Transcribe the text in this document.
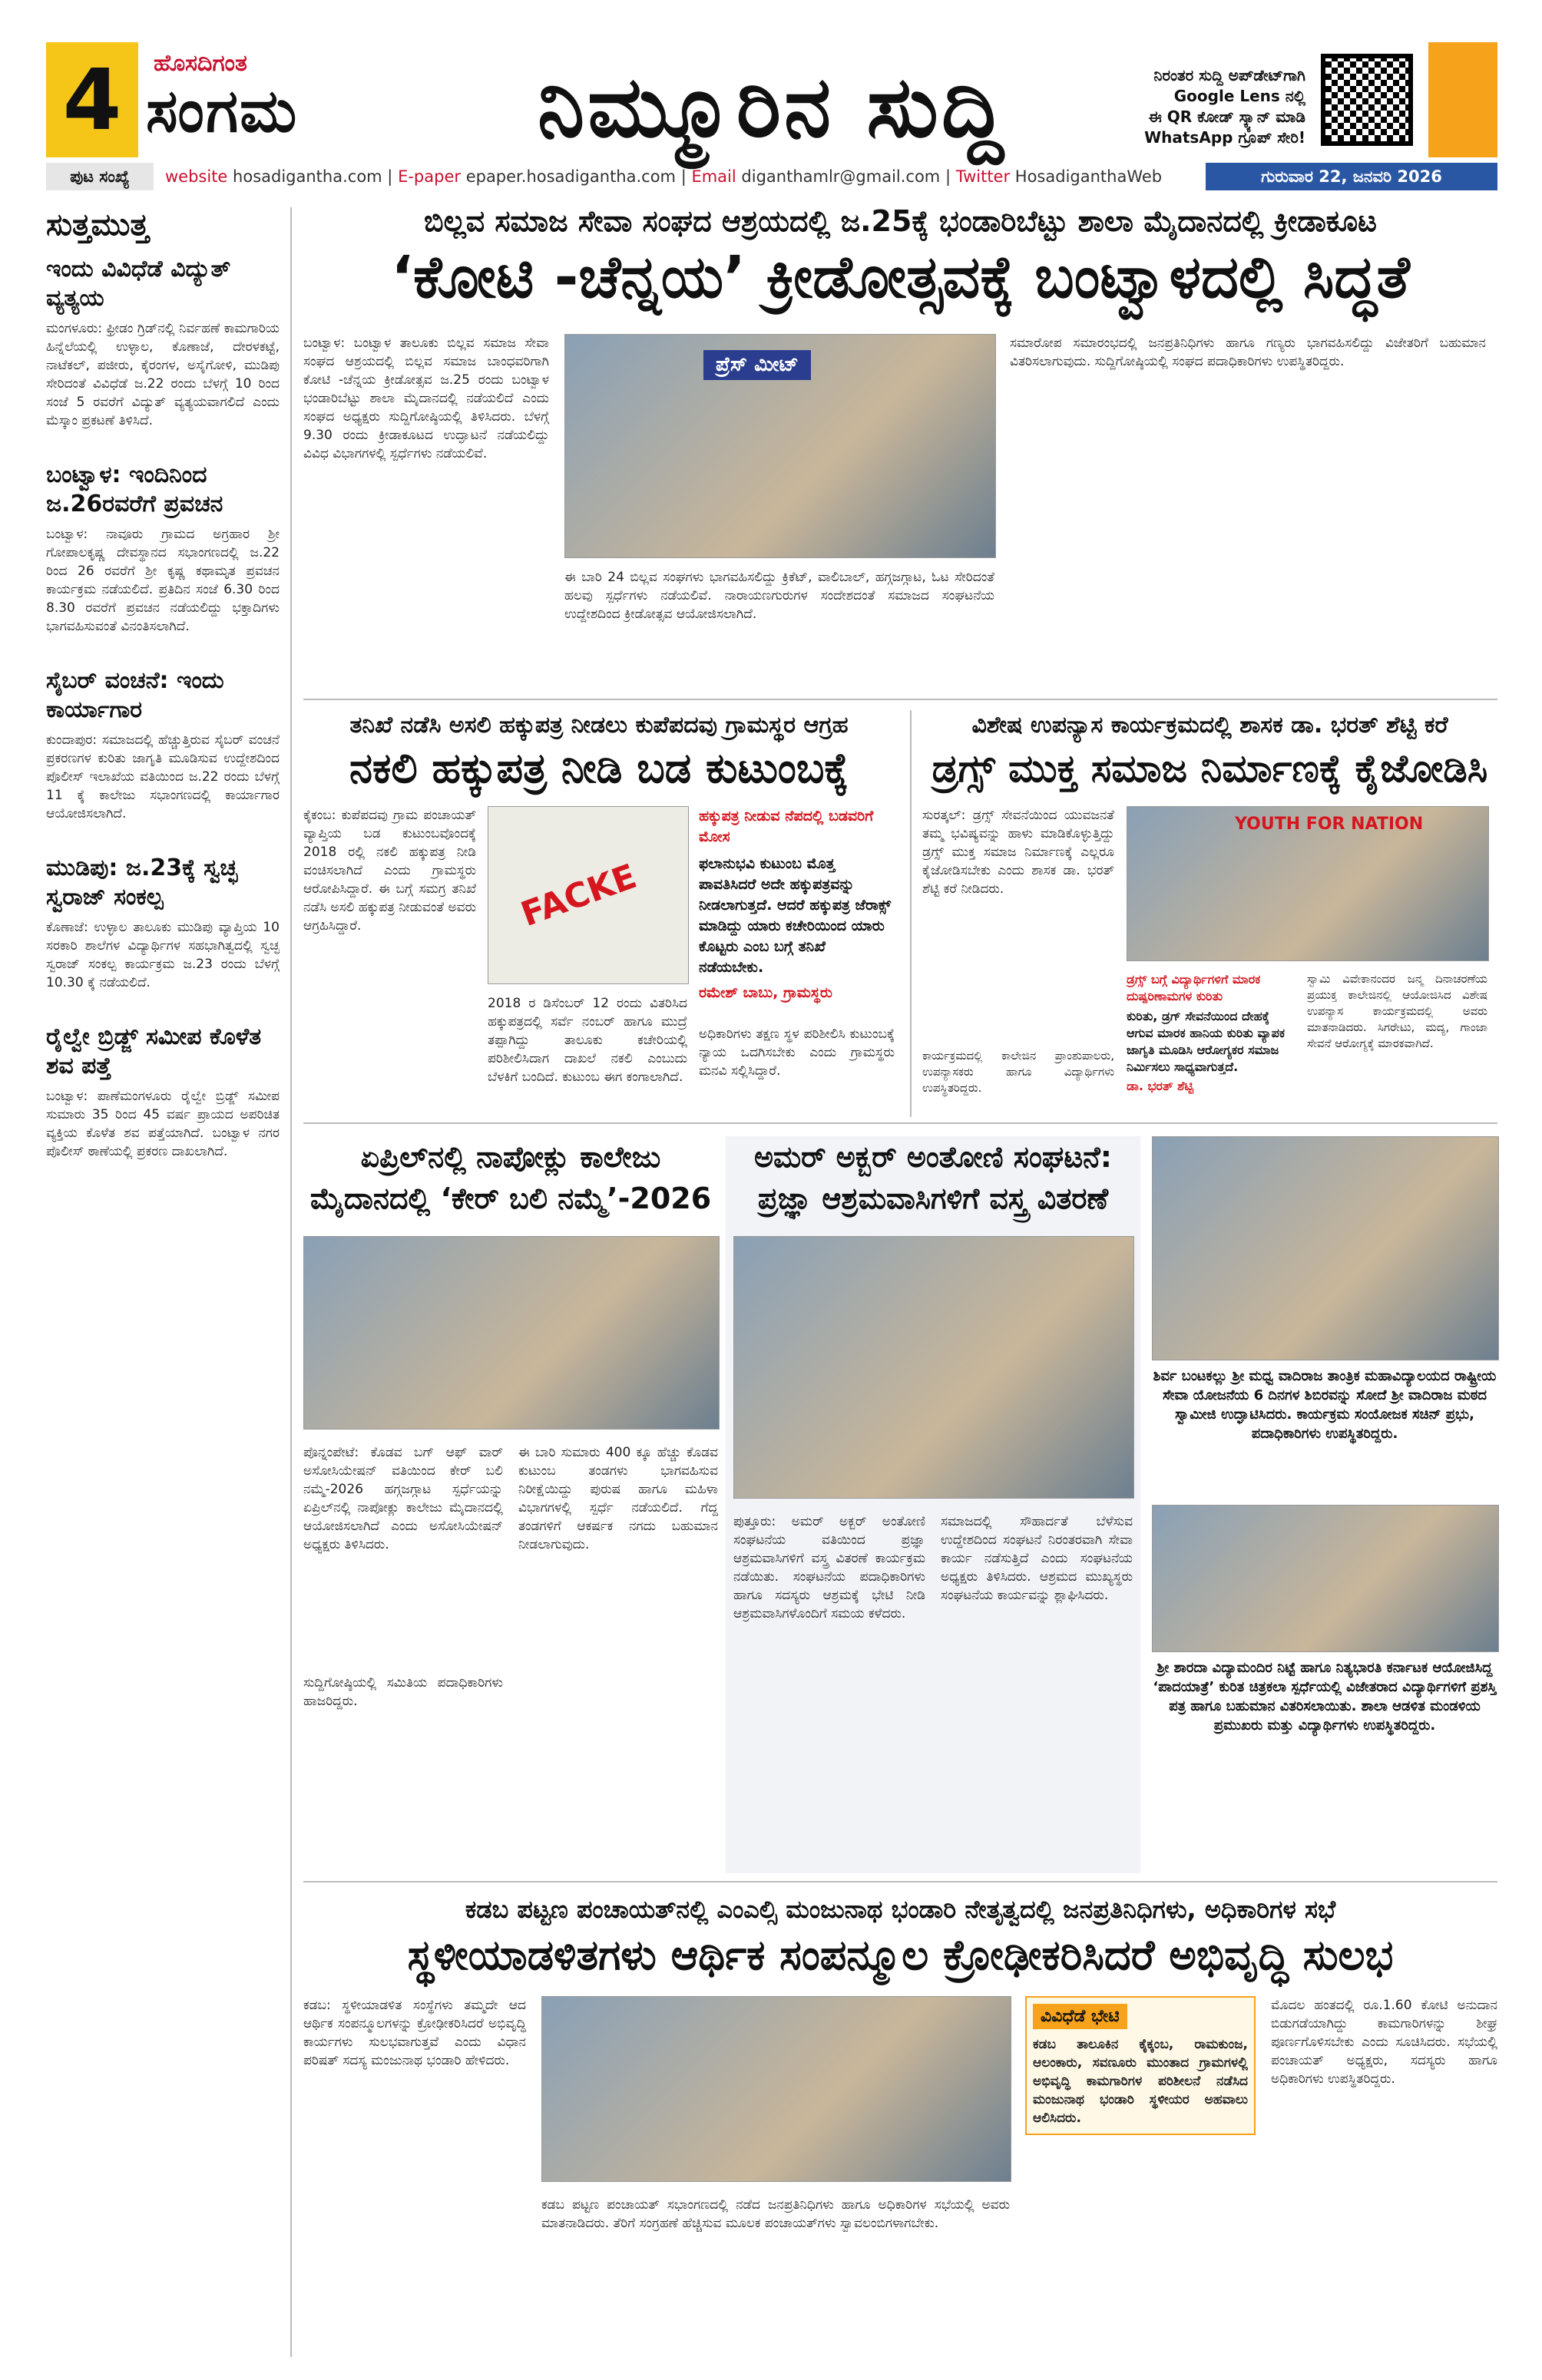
4	ಹೊಸದಿಗಂತ
ಸಂಗಮ	ನಿಮ್ಮೂರಿನ ಸುದ್ದಿ	ನಿರಂತರ ಸುದ್ದಿ ಅಪ್‌ಡೇಟ್‌ಗಾಗಿ
Google Lens ನಲ್ಲಿ
ಈ QR ಕೋಡ್ ಸ್ಕ್ಯಾನ್ ಮಾಡಿ
WhatsApp ಗ್ರೂಪ್ ಸೇರಿ!
ಪುಟ ಸಂಖ್ಯೆ	website hosadigantha.com | E-paper epaper.hosadigantha.com | Email diganthamlr@gmail.com | Twitter HosadiganthaWeb	ಗುರುವಾರ 22, ಜನವರಿ 2026
ಸುತ್ತಮುತ್ತ
ಇಂದು ವಿವಿಧೆಡೆ ವಿದ್ಯುತ್ ವ್ಯತ್ಯಯ
ಮಂಗಳೂರು: ಫ್ರೀಡಂ ಗ್ರಿಡ್‌ನಲ್ಲಿ ನಿರ್ವಹಣೆ ಕಾಮಗಾರಿಯ ಹಿನ್ನೆಲೆಯಲ್ಲಿ ಉಳ್ಳಾಲ, ಕೊಣಾಜೆ, ದೇರಳಕಟ್ಟೆ, ನಾಟೆಕಲ್, ಪಜೀರು, ಕೈರಂಗಳ, ಅಸೈಗೋಳಿ, ಮುಡಿಪು ಸೇರಿದಂತೆ ವಿವಿಧೆಡೆ ಜ.22 ರಂದು ಬೆಳಗ್ಗೆ 10 ರಿಂದ ಸಂಜೆ 5 ರವರೆಗೆ ವಿದ್ಯುತ್ ವ್ಯತ್ಯಯವಾಗಲಿದೆ ಎಂದು ಮೆಸ್ಕಾಂ ಪ್ರಕಟಣೆ ತಿಳಿಸಿದೆ.
ಬಂಟ್ವಾಳ: ಇಂದಿನಿಂದ ಜ.26ರವರೆಗೆ ಪ್ರವಚನ
ಬಂಟ್ವಾಳ: ನಾವೂರು ಗ್ರಾಮದ ಅಗ್ರಹಾರ ಶ್ರೀ ಗೋಪಾಲಕೃಷ್ಣ ದೇವಸ್ಥಾನದ ಸಭಾಂಗಣದಲ್ಲಿ ಜ.22 ರಿಂದ 26 ರವರೆಗೆ ಶ್ರೀ ಕೃಷ್ಣ ಕಥಾಮೃತ ಪ್ರವಚನ ಕಾರ್ಯಕ್ರಮ ನಡೆಯಲಿದೆ. ಪ್ರತಿದಿನ ಸಂಜೆ 6.30 ರಿಂದ 8.30 ರವರೆಗೆ ಪ್ರವಚನ ನಡೆಯಲಿದ್ದು ಭಕ್ತಾದಿಗಳು ಭಾಗವಹಿಸುವಂತೆ ವಿನಂತಿಸಲಾಗಿದೆ.
ಸೈಬರ್ ವಂಚನೆ: ಇಂದು ಕಾರ್ಯಾಗಾರ
ಕುಂದಾಪುರ: ಸಮಾಜದಲ್ಲಿ ಹೆಚ್ಚುತ್ತಿರುವ ಸೈಬರ್ ವಂಚನೆ ಪ್ರಕರಣಗಳ ಕುರಿತು ಜಾಗೃತಿ ಮೂಡಿಸುವ ಉದ್ದೇಶದಿಂದ ಪೊಲೀಸ್ ಇಲಾಖೆಯ ವತಿಯಿಂದ ಜ.22 ರಂದು ಬೆಳಗ್ಗೆ 11 ಕ್ಕೆ ಕಾಲೇಜು ಸಭಾಂಗಣದಲ್ಲಿ ಕಾರ್ಯಾಗಾರ ಆಯೋಜಿಸಲಾಗಿದೆ.
ಮುಡಿಪು: ಜ.23ಕ್ಕೆ ಸ್ವಚ್ಛ ಸ್ವರಾಜ್ ಸಂಕಲ್ಪ
ಕೊಣಾಜೆ: ಉಳ್ಳಾಲ ತಾಲೂಕು ಮುಡಿಪು ವ್ಯಾಪ್ತಿಯ 10 ಸರಕಾರಿ ಶಾಲೆಗಳ ವಿದ್ಯಾರ್ಥಿಗಳ ಸಹಭಾಗಿತ್ವದಲ್ಲಿ ಸ್ವಚ್ಛ ಸ್ವರಾಜ್ ಸಂಕಲ್ಪ ಕಾರ್ಯಕ್ರಮ ಜ.23 ರಂದು ಬೆಳಗ್ಗೆ 10.30 ಕ್ಕೆ ನಡೆಯಲಿದೆ.
ರೈಲ್ವೇ ಬ್ರಿಡ್ಜ್ ಸಮೀಪ ಕೊಳೆತ ಶವ ಪತ್ತೆ
ಬಂಟ್ವಾಳ: ಪಾಣೆಮಂಗಳೂರು ರೈಲ್ವೇ ಬ್ರಿಡ್ಜ್ ಸಮೀಪ ಸುಮಾರು 35 ರಿಂದ 45 ವರ್ಷ ಪ್ರಾಯದ ಅಪರಿಚಿತ ವ್ಯಕ್ತಿಯ ಕೊಳೆತ ಶವ ಪತ್ತೆಯಾಗಿದೆ. ಬಂಟ್ವಾಳ ನಗರ ಪೊಲೀಸ್ ಠಾಣೆಯಲ್ಲಿ ಪ್ರಕರಣ ದಾಖಲಾಗಿದೆ.
ಬಿಲ್ಲವ ಸಮಾಜ ಸೇವಾ ಸಂಘದ ಆಶ್ರಯದಲ್ಲಿ ಜ.25ಕ್ಕೆ ಭಂಡಾರಿಬೆಟ್ಟು ಶಾಲಾ ಮೈದಾನದಲ್ಲಿ ಕ್ರೀಡಾಕೂಟ
‘ಕೋಟಿ -ಚೆನ್ನಯ’ ಕ್ರೀಡೋತ್ಸವಕ್ಕೆ ಬಂಟ್ವಾಳದಲ್ಲಿ ಸಿದ್ಧತೆ
ಬಂಟ್ವಾಳ: ಬಂಟ್ವಾಳ ತಾಲೂಕು ಬಿಲ್ಲವ ಸಮಾಜ ಸೇವಾ ಸಂಘದ ಆಶ್ರಯದಲ್ಲಿ ಬಿಲ್ಲವ ಸಮಾಜ ಬಾಂಧವರಿಗಾಗಿ ಕೋಟಿ -ಚೆನ್ನಯ ಕ್ರೀಡೋತ್ಸವ ಜ.25 ರಂದು ಬಂಟ್ವಾಳ ಭಂಡಾರಿಬೆಟ್ಟು ಶಾಲಾ ಮೈದಾನದಲ್ಲಿ ನಡೆಯಲಿದೆ ಎಂದು ಸಂಘದ ಅಧ್ಯಕ್ಷರು ಸುದ್ದಿಗೋಷ್ಠಿಯಲ್ಲಿ ತಿಳಿಸಿದರು. ಬೆಳಗ್ಗೆ 9.30 ರಂದು ಕ್ರೀಡಾಕೂಟದ ಉದ್ಘಾಟನೆ ನಡೆಯಲಿದ್ದು ವಿವಿಧ ವಿಭಾಗಗಳಲ್ಲಿ ಸ್ಪರ್ಧೆಗಳು ನಡೆಯಲಿವೆ.
ಪ್ರೆಸ್ ಮೀಟ್
ಈ ಬಾರಿ 24 ಬಿಲ್ಲವ ಸಂಘಗಳು ಭಾಗವಹಿಸಲಿದ್ದು ಕ್ರಿಕೆಟ್, ವಾಲಿಬಾಲ್, ಹಗ್ಗಜಗ್ಗಾಟ, ಓಟ ಸೇರಿದಂತೆ ಹಲವು ಸ್ಪರ್ಧೆಗಳು ನಡೆಯಲಿವೆ. ನಾರಾಯಣಗುರುಗಳ ಸಂದೇಶದಂತೆ ಸಮಾಜದ ಸಂಘಟನೆಯ ಉದ್ದೇಶದಿಂದ ಕ್ರೀಡೋತ್ಸವ ಆಯೋಜಿಸಲಾಗಿದೆ.
ಸಮಾರೋಪ ಸಮಾರಂಭದಲ್ಲಿ ಜನಪ್ರತಿನಿಧಿಗಳು ಹಾಗೂ ಗಣ್ಯರು ಭಾಗವಹಿಸಲಿದ್ದು ವಿಜೇತರಿಗೆ ಬಹುಮಾನ ವಿತರಿಸಲಾಗುವುದು. ಸುದ್ದಿಗೋಷ್ಠಿಯಲ್ಲಿ ಸಂಘದ ಪದಾಧಿಕಾರಿಗಳು ಉಪಸ್ಥಿತರಿದ್ದರು.
ತನಿಖೆ ನಡೆಸಿ ಅಸಲಿ ಹಕ್ಕುಪತ್ರ ನೀಡಲು ಕುಪೆಪದವು ಗ್ರಾಮಸ್ಥರ ಆಗ್ರಹ
ನಕಲಿ ಹಕ್ಕುಪತ್ರ ನೀಡಿ ಬಡ ಕುಟುಂಬಕ್ಕೆ
FACKE
ಹಕ್ಕುಪತ್ರ ನೀಡುವ ನೆಪದಲ್ಲಿ ಬಡವರಿಗೆ ಮೋಸ
ಫಲಾನುಭವಿ ಕುಟುಂಬ ಮೊತ್ತ ಪಾವತಿಸಿದರೆ ಅದೇ ಹಕ್ಕುಪತ್ರವನ್ನು ನೀಡಲಾಗುತ್ತದೆ. ಆದರೆ ಹಕ್ಕುಪತ್ರ ಜೆರಾಕ್ಸ್ ಮಾಡಿದ್ದು ಯಾರು ಕಚೇರಿಯಿಂದ ಯಾರು ಕೊಟ್ಟರು ಎಂಬ ಬಗ್ಗೆ ತನಿಖೆ ನಡೆಯಬೇಕು.
ರಮೇಶ್ ಬಾಬು, ಗ್ರಾಮಸ್ಥರು
ಕೈಕಂಬ: ಕುಪೆಪದವು ಗ್ರಾಮ ಪಂಚಾಯತ್ ವ್ಯಾಪ್ತಿಯ ಬಡ ಕುಟುಂಬವೊಂದಕ್ಕೆ 2018 ರಲ್ಲಿ ನಕಲಿ ಹಕ್ಕುಪತ್ರ ನೀಡಿ ವಂಚಿಸಲಾಗಿದೆ ಎಂದು ಗ್ರಾಮಸ್ಥರು ಆರೋಪಿಸಿದ್ದಾರೆ. ಈ ಬಗ್ಗೆ ಸಮಗ್ರ ತನಿಖೆ ನಡೆಸಿ ಅಸಲಿ ಹಕ್ಕುಪತ್ರ ನೀಡುವಂತೆ ಅವರು ಆಗ್ರಹಿಸಿದ್ದಾರೆ.
2018 ರ ಡಿಸೆಂಬರ್ 12 ರಂದು ವಿತರಿಸಿದ ಹಕ್ಕುಪತ್ರದಲ್ಲಿ ಸರ್ವೆ ನಂಬರ್ ಹಾಗೂ ಮುದ್ರೆ ತಪ್ಪಾಗಿದ್ದು ತಾಲೂಕು ಕಚೇರಿಯಲ್ಲಿ ಪರಿಶೀಲಿಸಿದಾಗ ದಾಖಲೆ ನಕಲಿ ಎಂಬುದು ಬೆಳಕಿಗೆ ಬಂದಿದೆ. ಕುಟುಂಬ ಈಗ ಕಂಗಾಲಾಗಿದೆ.
ಅಧಿಕಾರಿಗಳು ತಕ್ಷಣ ಸ್ಥಳ ಪರಿಶೀಲಿಸಿ ಕುಟುಂಬಕ್ಕೆ ನ್ಯಾಯ ಒದಗಿಸಬೇಕು ಎಂದು ಗ್ರಾಮಸ್ಥರು ಮನವಿ ಸಲ್ಲಿಸಿದ್ದಾರೆ.
ವಿಶೇಷ ಉಪನ್ಯಾಸ ಕಾರ್ಯಕ್ರಮದಲ್ಲಿ ಶಾಸಕ ಡಾ. ಭರತ್ ಶೆಟ್ಟಿ ಕರೆ
ಡ್ರಗ್ಸ್ ಮುಕ್ತ ಸಮಾಜ ನಿರ್ಮಾಣಕ್ಕೆ ಕೈಜೋಡಿಸಿ
ಸುರತ್ಕಲ್: ಡ್ರಗ್ಸ್ ಸೇವನೆಯಿಂದ ಯುವಜನತೆ ತಮ್ಮ ಭವಿಷ್ಯವನ್ನು ಹಾಳು ಮಾಡಿಕೊಳ್ಳುತ್ತಿದ್ದು ಡ್ರಗ್ಸ್ ಮುಕ್ತ ಸಮಾಜ ನಿರ್ಮಾಣಕ್ಕೆ ಎಲ್ಲರೂ ಕೈಜೋಡಿಸಬೇಕು ಎಂದು ಶಾಸಕ ಡಾ. ಭರತ್ ಶೆಟ್ಟಿ ಕರೆ ನೀಡಿದರು.
YOUTH FOR NATION
ಡ್ರಗ್ಸ್ ಬಗ್ಗೆ ವಿದ್ಯಾರ್ಥಿಗಳಿಗೆ ಮಾರಕ ದುಷ್ಪರಿಣಾಮಗಳ ಕುರಿತು
ಕುರಿತು, ಡ್ರಗ್ ಸೇವನೆಯಿಂದ ದೇಹಕ್ಕೆ ಆಗುವ ಮಾರಕ ಹಾನಿಯ ಕುರಿತು ವ್ಯಾಪಕ ಜಾಗೃತಿ ಮೂಡಿಸಿ ಆರೋಗ್ಯಕರ ಸಮಾಜ ನಿರ್ಮಿಸಲು ಸಾಧ್ಯವಾಗುತ್ತದೆ.
ಡಾ. ಭರತ್ ಶೆಟ್ಟಿ
ಸ್ವಾಮಿ ವಿವೇಕಾನಂದರ ಜನ್ಮ ದಿನಾಚರಣೆಯ ಪ್ರಯುಕ್ತ ಕಾಲೇಜಿನಲ್ಲಿ ಆಯೋಜಿಸಿದ ವಿಶೇಷ ಉಪನ್ಯಾಸ ಕಾರ್ಯಕ್ರಮದಲ್ಲಿ ಅವರು ಮಾತನಾಡಿದರು. ಸಿಗರೇಟು, ಮದ್ಯ, ಗಾಂಜಾ ಸೇವನೆ ಆರೋಗ್ಯಕ್ಕೆ ಮಾರಕವಾಗಿದೆ.
ಕಾರ್ಯಕ್ರಮದಲ್ಲಿ ಕಾಲೇಜಿನ ಪ್ರಾಂಶುಪಾಲರು, ಉಪನ್ಯಾಸಕರು ಹಾಗೂ ವಿದ್ಯಾರ್ಥಿಗಳು ಉಪಸ್ಥಿತರಿದ್ದರು.
ಏಪ್ರಿಲ್‌ನಲ್ಲಿ ನಾಪೋಕ್ಲು ಕಾಲೇಜು
ಮೈದಾನದಲ್ಲಿ ‘ಕೇರ್ ಬಲಿ ನಮ್ಮೆ’-2026
ಪೊನ್ನಂಪೇಟೆ: ಕೊಡವ ಬಗ್ ಆಫ್ ವಾರ್ ಅಸೋಸಿಯೇಷನ್ ವತಿಯಿಂದ ಕೇರ್ ಬಲಿ ನಮ್ಮೆ-2026 ಹಗ್ಗಜಗ್ಗಾಟ ಸ್ಪರ್ಧೆಯನ್ನು ಏಪ್ರಿಲ್‌ನಲ್ಲಿ ನಾಪೋಕ್ಲು ಕಾಲೇಜು ಮೈದಾನದಲ್ಲಿ ಆಯೋಜಿಸಲಾಗಿದೆ ಎಂದು ಅಸೋಸಿಯೇಷನ್ ಅಧ್ಯಕ್ಷರು ತಿಳಿಸಿದರು.
ಈ ಬಾರಿ ಸುಮಾರು 400 ಕ್ಕೂ ಹೆಚ್ಚು ಕೊಡವ ಕುಟುಂಬ ತಂಡಗಳು ಭಾಗವಹಿಸುವ ನಿರೀಕ್ಷೆಯಿದ್ದು ಪುರುಷ ಹಾಗೂ ಮಹಿಳಾ ವಿಭಾಗಗಳಲ್ಲಿ ಸ್ಪರ್ಧೆ ನಡೆಯಲಿದೆ. ಗೆದ್ದ ತಂಡಗಳಿಗೆ ಆಕರ್ಷಕ ನಗದು ಬಹುಮಾನ ನೀಡಲಾಗುವುದು.
ಸುದ್ದಿಗೋಷ್ಠಿಯಲ್ಲಿ ಸಮಿತಿಯ ಪದಾಧಿಕಾರಿಗಳು ಹಾಜರಿದ್ದರು.
ಅಮರ್ ಅಕ್ಬರ್ ಅಂತೋಣಿ ಸಂಘಟನೆ:
ಪ್ರಜ್ಞಾ ಆಶ್ರಮವಾಸಿಗಳಿಗೆ ವಸ್ತ್ರ ವಿತರಣೆ
ಪುತ್ತೂರು: ಅಮರ್ ಅಕ್ಬರ್ ಅಂತೋಣಿ ಸಂಘಟನೆಯ ವತಿಯಿಂದ ಪ್ರಜ್ಞಾ ಆಶ್ರಮವಾಸಿಗಳಿಗೆ ವಸ್ತ್ರ ವಿತರಣೆ ಕಾರ್ಯಕ್ರಮ ನಡೆಯಿತು. ಸಂಘಟನೆಯ ಪದಾಧಿಕಾರಿಗಳು ಹಾಗೂ ಸದಸ್ಯರು ಆಶ್ರಮಕ್ಕೆ ಭೇಟಿ ನೀಡಿ ಆಶ್ರಮವಾಸಿಗಳೊಂದಿಗೆ ಸಮಯ ಕಳೆದರು.
ಸಮಾಜದಲ್ಲಿ ಸೌಹಾರ್ದತೆ ಬೆಳೆಸುವ ಉದ್ದೇಶದಿಂದ ಸಂಘಟನೆ ನಿರಂತರವಾಗಿ ಸೇವಾ ಕಾರ್ಯ ನಡೆಸುತ್ತಿದೆ ಎಂದು ಸಂಘಟನೆಯ ಅಧ್ಯಕ್ಷರು ತಿಳಿಸಿದರು. ಆಶ್ರಮದ ಮುಖ್ಯಸ್ಥರು ಸಂಘಟನೆಯ ಕಾರ್ಯವನ್ನು ಶ್ಲಾಘಿಸಿದರು.
ಶಿರ್ವ ಬಂಟಕಲ್ಲು ಶ್ರೀ ಮಧ್ವ ವಾದಿರಾಜ ತಾಂತ್ರಿಕ ಮಹಾವಿದ್ಯಾಲಯದ ರಾಷ್ಟ್ರೀಯ ಸೇವಾ ಯೋಜನೆಯ 6 ದಿನಗಳ ಶಿಬಿರವನ್ನು ಸೋದೆ ಶ್ರೀ ವಾದಿರಾಜ ಮಠದ ಸ್ವಾಮೀಜಿ ಉದ್ಘಾಟಿಸಿದರು. ಕಾರ್ಯಕ್ರಮ ಸಂಯೋಜಕ ಸಚಿನ್ ಪ್ರಭು, ಪದಾಧಿಕಾರಿಗಳು ಉಪಸ್ಥಿತರಿದ್ದರು.
ಶ್ರೀ ಶಾರದಾ ವಿದ್ಯಾಮಂದಿರ ನಿಟ್ಟೆ ಹಾಗೂ ನಿತ್ಯಭಾರತಿ ಕರ್ನಾಟಕ ಆಯೋಜಿಸಿದ್ದ ‘ಪಾದಯಾತ್ರೆ’ ಕುರಿತ ಚಿತ್ರಕಲಾ ಸ್ಪರ್ಧೆಯಲ್ಲಿ ವಿಜೇತರಾದ ವಿದ್ಯಾರ್ಥಿಗಳಿಗೆ ಪ್ರಶಸ್ತಿ ಪತ್ರ ಹಾಗೂ ಬಹುಮಾನ ವಿತರಿಸಲಾಯಿತು. ಶಾಲಾ ಆಡಳಿತ ಮಂಡಳಿಯ ಪ್ರಮುಖರು ಮತ್ತು ವಿದ್ಯಾರ್ಥಿಗಳು ಉಪಸ್ಥಿತರಿದ್ದರು.
ಕಡಬ ಪಟ್ಟಣ ಪಂಚಾಯತ್‌ನಲ್ಲಿ ಎಂಎಲ್ಸಿ ಮಂಜುನಾಥ ಭಂಡಾರಿ ನೇತೃತ್ವದಲ್ಲಿ ಜನಪ್ರತಿನಿಧಿಗಳು, ಅಧಿಕಾರಿಗಳ ಸಭೆ
ಸ್ಥಳೀಯಾಡಳಿತಗಳು ಆರ್ಥಿಕ ಸಂಪನ್ಮೂಲ ಕ್ರೋಢೀಕರಿಸಿದರೆ ಅಭಿವೃದ್ಧಿ ಸುಲಭ
ಕಡಬ: ಸ್ಥಳೀಯಾಡಳಿತ ಸಂಸ್ಥೆಗಳು ತಮ್ಮದೇ ಆದ ಆರ್ಥಿಕ ಸಂಪನ್ಮೂಲಗಳನ್ನು ಕ್ರೋಢೀಕರಿಸಿದರೆ ಅಭಿವೃದ್ಧಿ ಕಾರ್ಯಗಳು ಸುಲಭವಾಗುತ್ತವೆ ಎಂದು ವಿಧಾನ ಪರಿಷತ್ ಸದಸ್ಯ ಮಂಜುನಾಥ ಭಂಡಾರಿ ಹೇಳಿದರು.
ಕಡಬ ಪಟ್ಟಣ ಪಂಚಾಯತ್ ಸಭಾಂಗಣದಲ್ಲಿ ನಡೆದ ಜನಪ್ರತಿನಿಧಿಗಳು ಹಾಗೂ ಅಧಿಕಾರಿಗಳ ಸಭೆಯಲ್ಲಿ ಅವರು ಮಾತನಾಡಿದರು. ತೆರಿಗೆ ಸಂಗ್ರಹಣೆ ಹೆಚ್ಚಿಸುವ ಮೂಲಕ ಪಂಚಾಯತ್‌ಗಳು ಸ್ವಾವಲಂಬಿಗಳಾಗಬೇಕು.
ವಿವಿಧೆಡೆ ಭೇಟಿ
ಕಡಬ ತಾಲೂಕಿನ ಕೈಕ್ಕಂಬ, ರಾಮಕುಂಜ, ಆಲಂಕಾರು, ಸವಣೂರು ಮುಂತಾದ ಗ್ರಾಮಗಳಲ್ಲಿ ಅಭಿವೃದ್ಧಿ ಕಾಮಗಾರಿಗಳ ಪರಿಶೀಲನೆ ನಡೆಸಿದ ಮಂಜುನಾಥ ಭಂಡಾರಿ ಸ್ಥಳೀಯರ ಅಹವಾಲು ಆಲಿಸಿದರು.
ಮೊದಲ ಹಂತದಲ್ಲಿ ರೂ.1.60 ಕೋಟಿ ಅನುದಾನ ಬಿಡುಗಡೆಯಾಗಿದ್ದು ಕಾಮಗಾರಿಗಳನ್ನು ಶೀಘ್ರ ಪೂರ್ಣಗೊಳಿಸಬೇಕು ಎಂದು ಸೂಚಿಸಿದರು. ಸಭೆಯಲ್ಲಿ ಪಂಚಾಯತ್ ಅಧ್ಯಕ್ಷರು, ಸದಸ್ಯರು ಹಾಗೂ ಅಧಿಕಾರಿಗಳು ಉಪಸ್ಥಿತರಿದ್ದರು.
